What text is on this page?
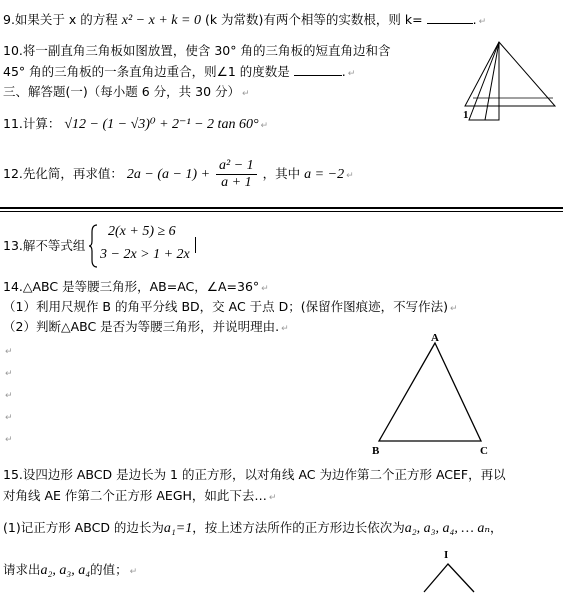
9.如果关于 x 的方程 x² − x + k = 0 (k 为常数)有两个相等的实数根，则 k=	. ↵
10.将一副直角三角板如图放置，使含 30° 角的三角板的短直角边和含
45° 角的三角板的一条直角边重合，则∠1 的度数是	. ↵
1
三、解答题(一)（每小题 6 分，共 30 分） ↵
11.计算： √12 − (1 − √3)⁰ + 2⁻¹ − 2 tan 60° ↵
12.先化简，再求值： $2a - (a - 1) + \frac{\text{a² − 1}}{a + 1}$ ，其中 a = −2 ↵
13.解不等式组
2(x + 5) ≥ 6
3 − 2x > 1 + 2x
14.△ABC 是等腰三角形，AB=AC，∠A=36° ↵
（1）利用尺规作 B 的角平分线 BD，交 AC 于点 D；(保留作图痕迹，不写作法) ↵
（2）判断△ABC 是否为等腰三角形，并说明理由. ↵
↵
↵
↵
↵
↵
A
B	C
15.设四边形 ABCD 是边长为 1 的正方形，以对角线 AC 为边作第二个正方形 ACEF，再以
对角线 AE 作第二个正方形 AEGH，如此下去… ↵
(1)记正方形 ABCD 的边长为a₁=1，按上述方法所作的正方形边长依次为a₂, a₃, a₄, … aₙ，
请求出a₂, a₃, a₄的值； ↵
I
